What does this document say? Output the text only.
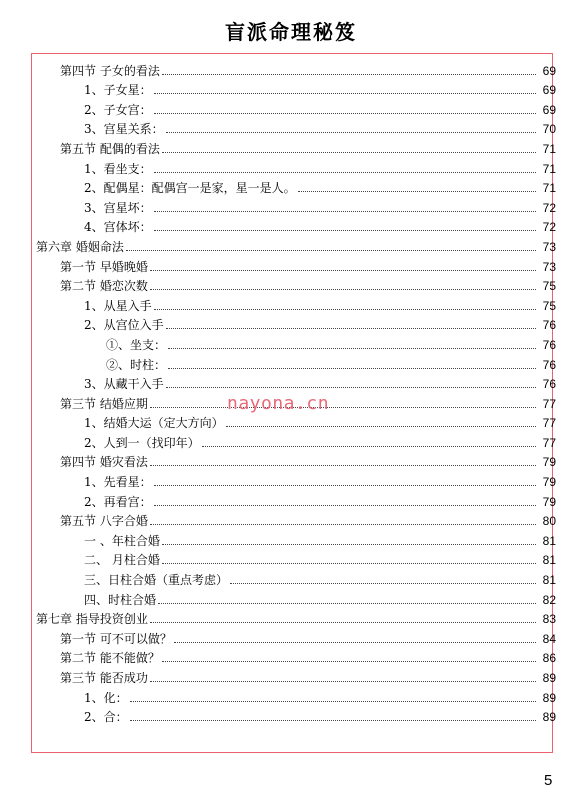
盲派命理秘笈
第四节 子女的看法	69
1、子女星：	69
2、子女宫：	69
3、宫星关系：	70
第五节 配偶的看法	71
1、看坐支：	71
2、配偶星：配偶宫一是家，星一是人。	71
3、宫星坏：	72
4、宫体坏：	72
第六章 婚姻命法	73
第一节 早婚晚婚	73
第二节 婚恋次数	75
1、从星入手	75
2、从宫位入手	76
①、坐支：	76
②、时柱：	76
3、从藏干入手	76
第三节 结婚应期	77
1、结婚大运（定大方向）	77
2、人到一（找印年）	77
第四节 婚灾看法	79
1、先看星：	79
2、再看宫：	79
第五节 八字合婚	80
一 、年柱合婚	81
二、 月柱合婚	81
三、日柱合婚（重点考虑）	81
四、时柱合婚	82
第七章 指导投资创业	83
第一节 可不可以做？	84
第二节 能不能做？	86
第三节 能否成功	89
1、化：	89
2、合：	89
nayona.cn
5
